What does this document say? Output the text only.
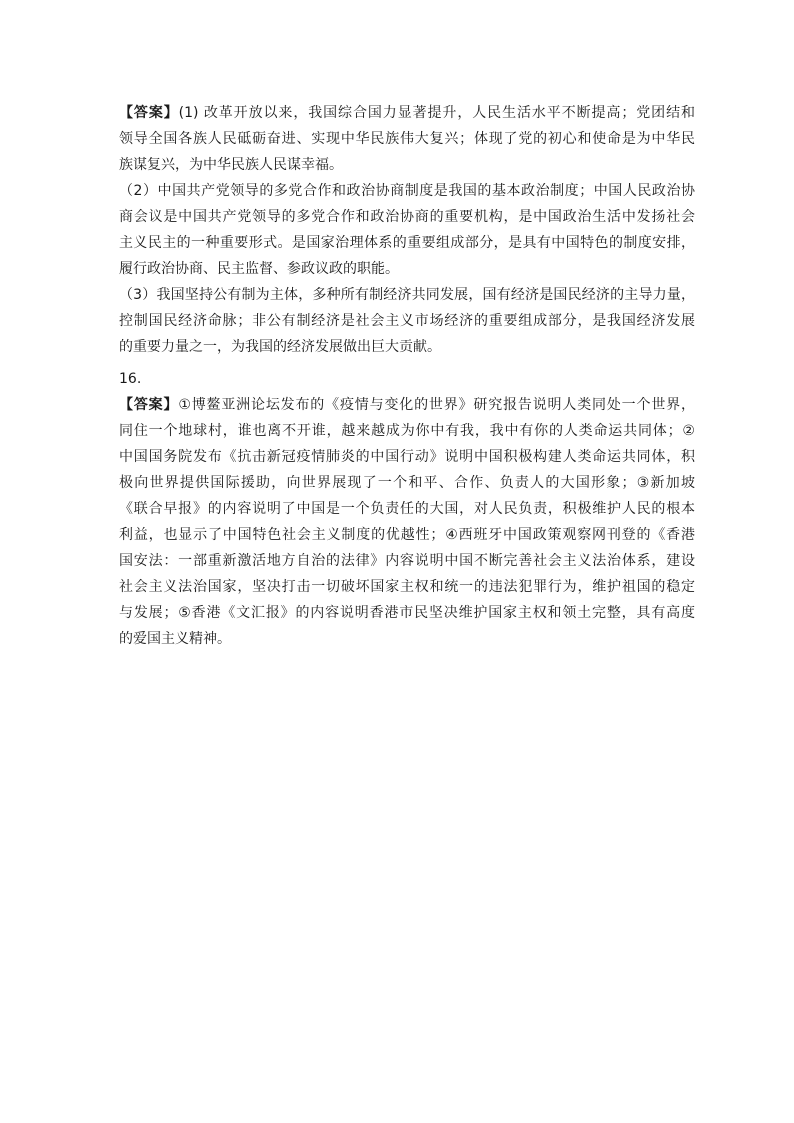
【答案】(1) 改革开放以来，我国综合国力显著提升，人民生活水平不断提高；党团结和
领导全国各族人民砥砺奋进、实现中华民族伟大复兴；体现了党的初心和使命是为中华民
族谋复兴，为中华民族人民谋幸福。
（2）中国共产党领导的多党合作和政治协商制度是我国的基本政治制度；中国人民政治协
商会议是中国共产党领导的多党合作和政治协商的重要机构，是中国政治生活中发扬社会
主义民主的一种重要形式。是国家治理体系的重要组成部分，是具有中国特色的制度安排，
履行政治协商、民主监督、参政议政的职能。
（3）我国坚持公有制为主体，多种所有制经济共同发展，国有经济是国民经济的主导力量，
控制国民经济命脉；非公有制经济是社会主义市场经济的重要组成部分，是我国经济发展
的重要力量之一，为我国的经济发展做出巨大贡献。
16.
【答案】①博鳌亚洲论坛发布的《疫情与变化的世界》研究报告说明人类同处一个世界，
同住一个地球村，谁也离不开谁，越来越成为你中有我，我中有你的人类命运共同体；②
中国国务院发布《抗击新冠疫情肺炎的中国行动》说明中国积极构建人类命运共同体，积
极向世界提供国际援助，向世界展现了一个和平、合作、负责人的大国形象；③新加坡
《联合早报》的内容说明了中国是一个负责任的大国，对人民负责，积极维护人民的根本
利益，也显示了中国特色社会主义制度的优越性；④西班牙中国政策观察网刊登的《香港
国安法：一部重新激活地方自治的法律》内容说明中国不断完善社会主义法治体系，建设
社会主义法治国家，坚决打击一切破坏国家主权和统一的违法犯罪行为，维护祖国的稳定
与发展；⑤香港《文汇报》的内容说明香港市民坚决维护国家主权和领土完整，具有高度
的爱国主义精神。
